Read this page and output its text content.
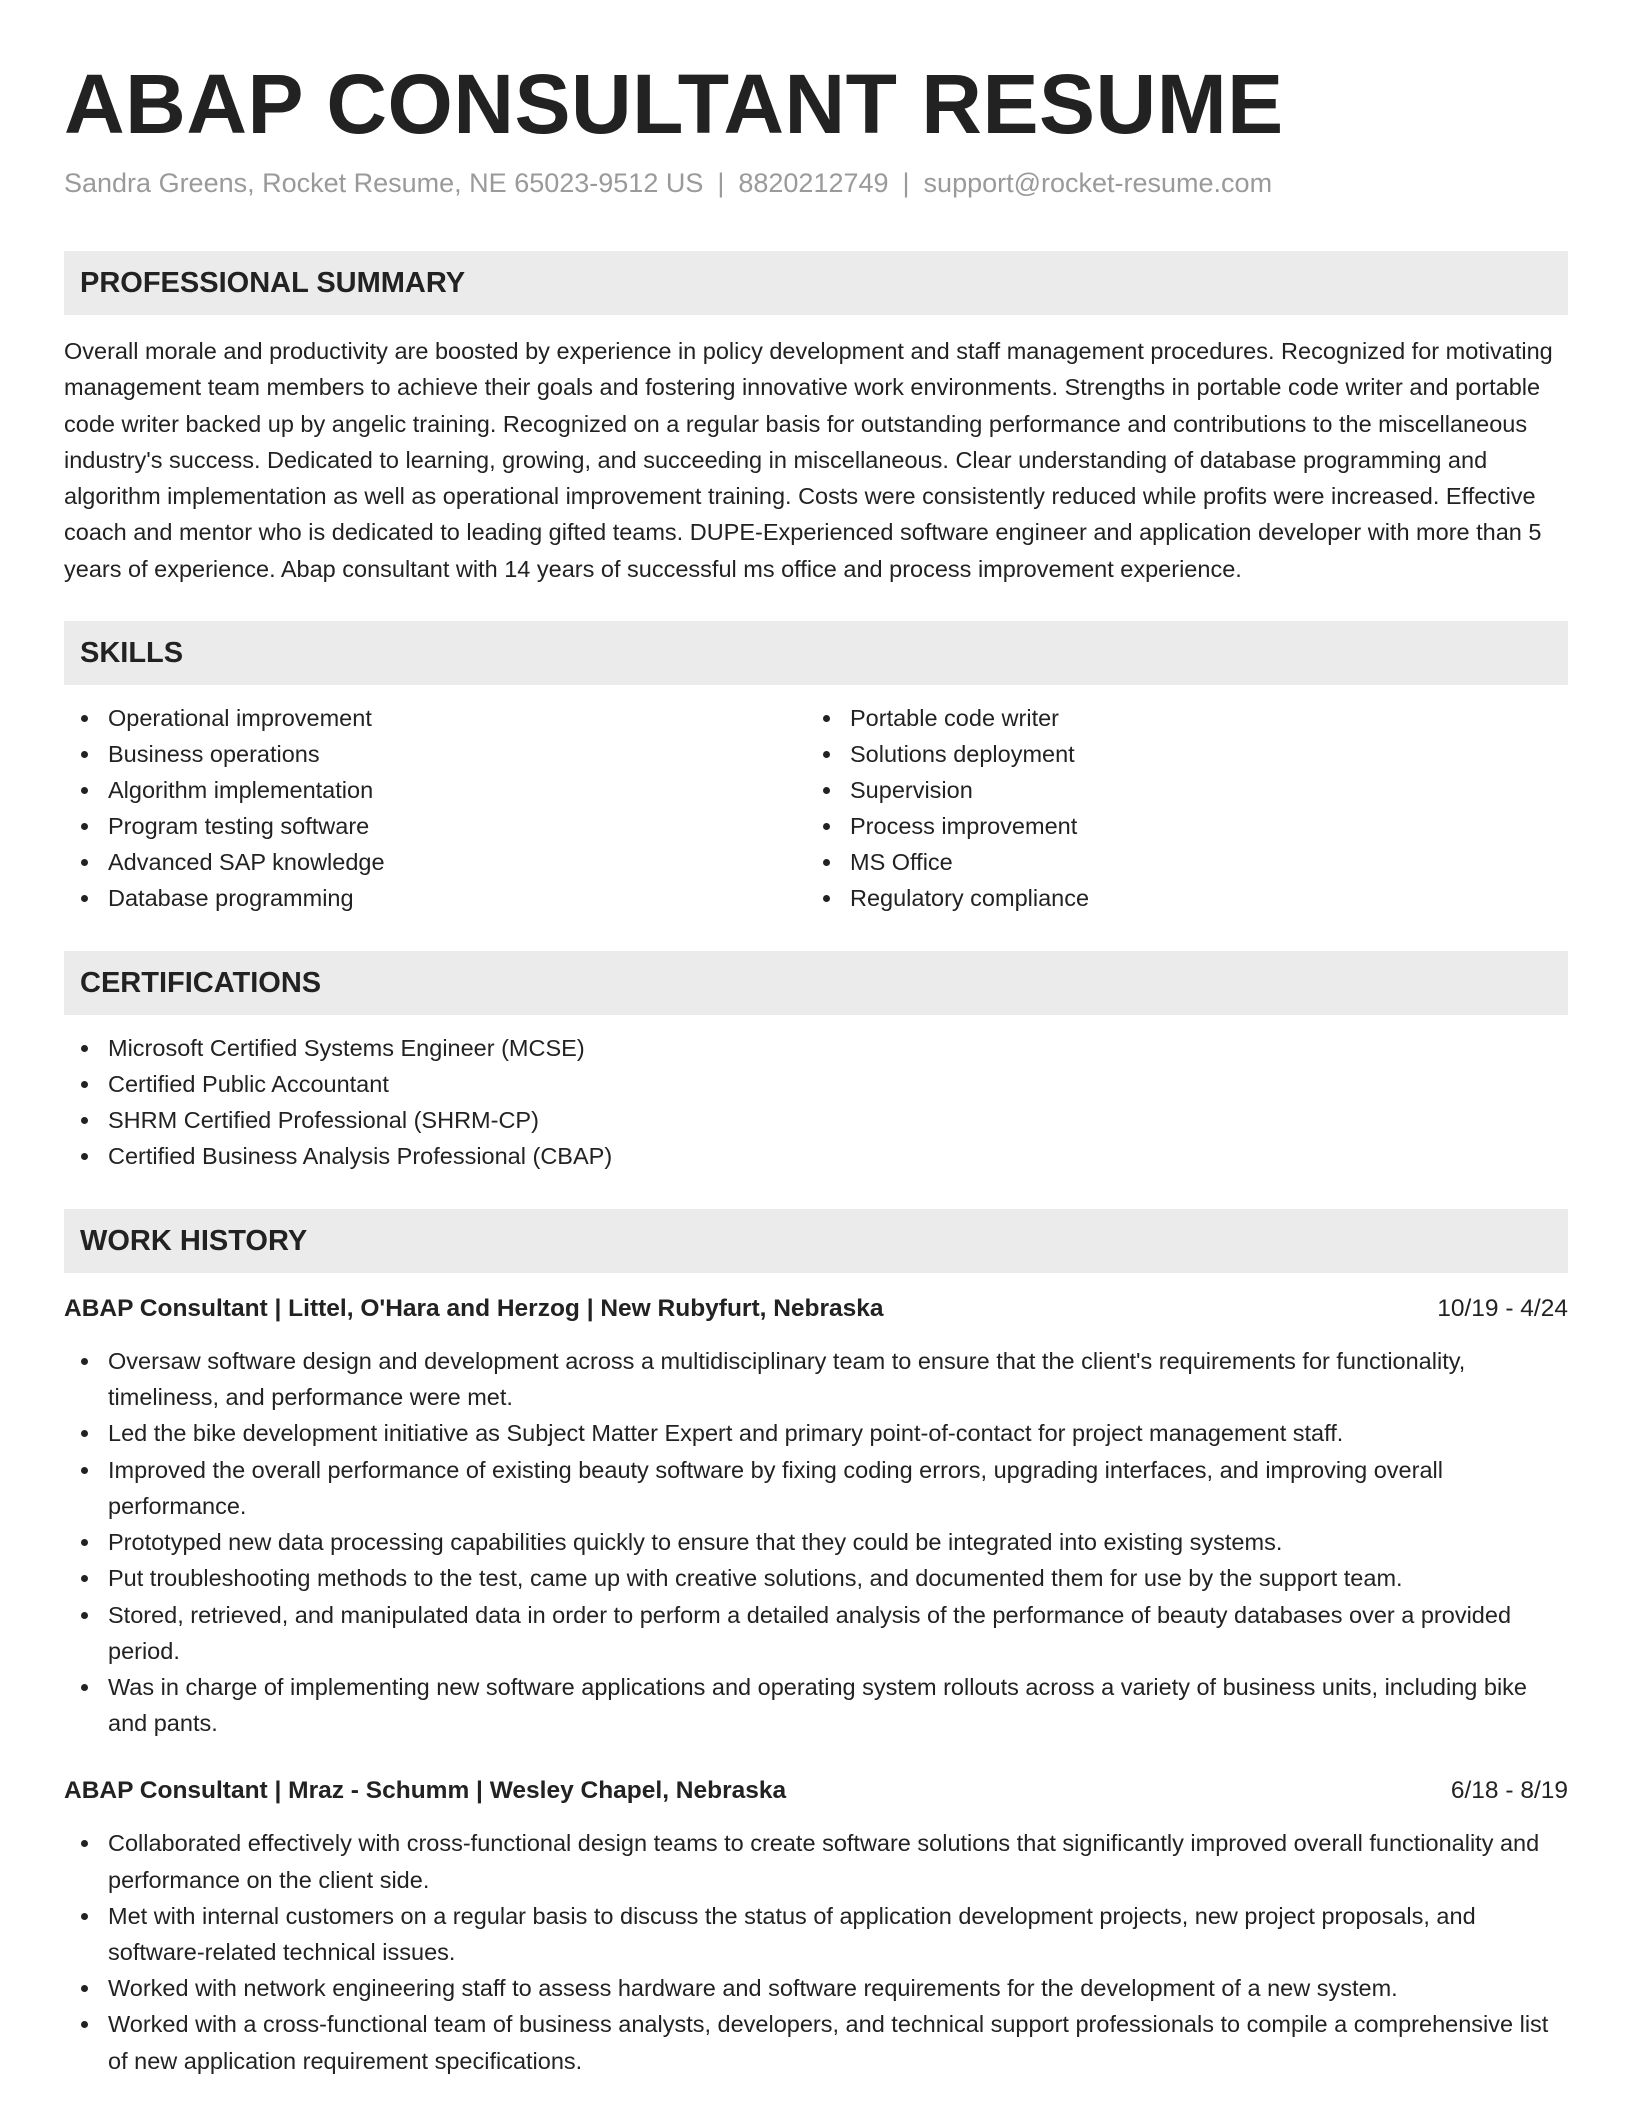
ABAP CONSULTANT RESUME
Sandra Greens, Rocket Resume, NE 65023-9512 US | 8820212749 | support@rocket-resume.com
PROFESSIONAL SUMMARY

Overall morale and productivity are boosted by experience in policy development and staff management procedures. Recognized for motivating management team members to achieve their goals and fostering innovative work environments. Strengths in portable code writer and portable code writer backed up by angelic training. Recognized on a regular basis for outstanding performance and contributions to the miscellaneous industry's success. Dedicated to learning, growing, and succeeding in miscellaneous. Clear understanding of database programming and algorithm implementation as well as operational improvement training. Costs were consistently reduced while profits were increased. Effective coach and mentor who is dedicated to leading gifted teams. DUPE-Experienced software engineer and application developer with more than 5 years of experience. Abap consultant with 14 years of successful ms office and process improvement experience.

SKILLS
Operational improvement
Business operations
Algorithm implementation
Program testing software
Advanced SAP knowledge
Database programming
Portable code writer
Solutions deployment
Supervision
Process improvement
MS Office
Regulatory compliance
CERTIFICATIONS
Microsoft Certified Systems Engineer (MCSE)
Certified Public Accountant
SHRM Certified Professional (SHRM-CP)
Certified Business Analysis Professional (CBAP)
WORK HISTORY
ABAP Consultant | Littel, O'Hara and Herzog | New Rubyfurt, Nebraska	10/19 - 4/24
Oversaw software design and development across a multidisciplinary team to ensure that the client's requirements for functionality, timeliness, and performance were met.
Led the bike development initiative as Subject Matter Expert and primary point-of-contact for project management staff.
Improved the overall performance of existing beauty software by fixing coding errors, upgrading interfaces, and improving overall performance.
Prototyped new data processing capabilities quickly to ensure that they could be integrated into existing systems.
Put troubleshooting methods to the test, came up with creative solutions, and documented them for use by the support team.
Stored, retrieved, and manipulated data in order to perform a detailed analysis of the performance of beauty databases over a provided period.
Was in charge of implementing new software applications and operating system rollouts across a variety of business units, including bike and pants.
ABAP Consultant | Mraz - Schumm | Wesley Chapel, Nebraska	6/18 - 8/19
Collaborated effectively with cross-functional design teams to create software solutions that significantly improved overall functionality and performance on the client side.
Met with internal customers on a regular basis to discuss the status of application development projects, new project proposals, and software-related technical issues.
Worked with network engineering staff to assess hardware and software requirements for the development of a new system.
Worked with a cross-functional team of business analysts, developers, and technical support professionals to compile a comprehensive list of new application requirement specifications.
